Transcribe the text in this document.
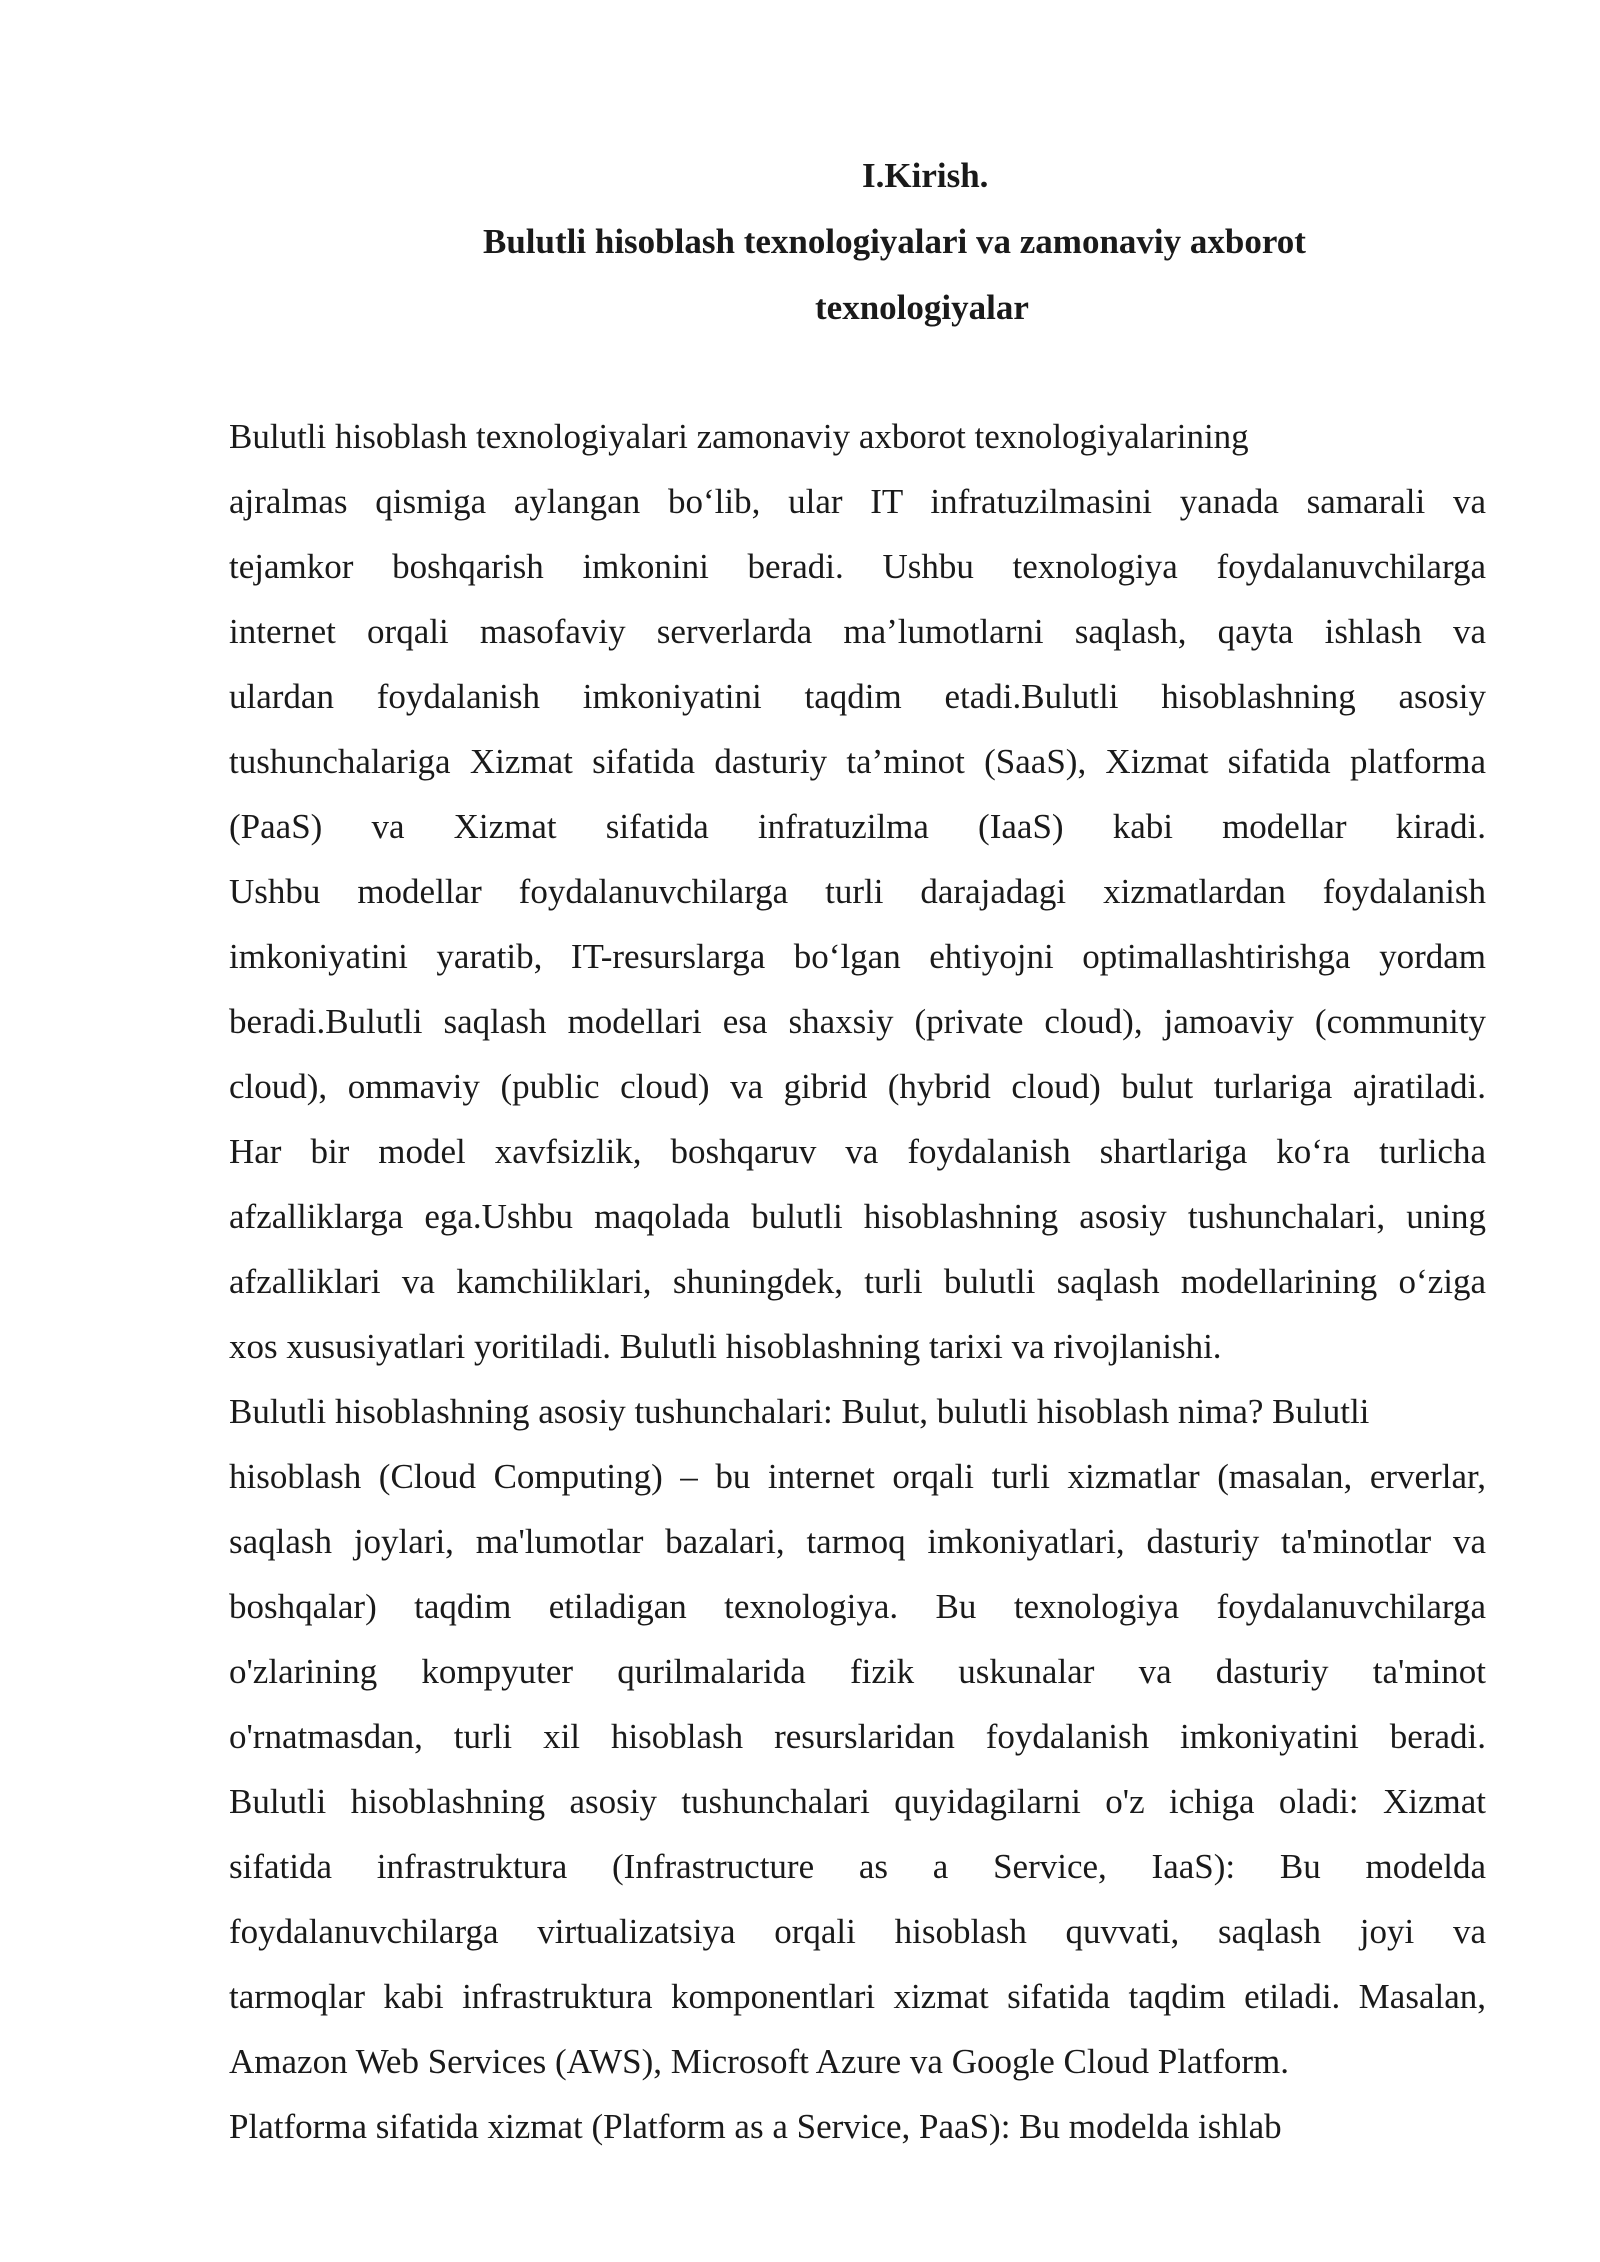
I.Kirish.
Bulutli hisoblash texnologiyalari va zamonaviy axborot
texnologiyalar
Bulutli hisoblash texnologiyalari zamonaviy axborot texnologiyalarining
ajralmas qismiga aylangan bo‘lib, ular IT infratuzilmasini yanada samarali va
tejamkor boshqarish imkonini beradi. Ushbu texnologiya foydalanuvchilarga
internet orqali masofaviy serverlarda ma’lumotlarni saqlash, qayta ishlash va
ulardan foydalanish imkoniyatini taqdim etadi.Bulutli hisoblashning asosiy
tushunchalariga Xizmat sifatida dasturiy ta’minot (SaaS), Xizmat sifatida platforma
(PaaS) va Xizmat sifatida infratuzilma (IaaS) kabi modellar kiradi.
Ushbu modellar foydalanuvchilarga turli darajadagi xizmatlardan foydalanish
imkoniyatini yaratib, IT-resurslarga bo‘lgan ehtiyojni optimallashtirishga yordam
beradi.Bulutli saqlash modellari esa shaxsiy (private cloud), jamoaviy (community
cloud), ommaviy (public cloud) va gibrid (hybrid cloud) bulut turlariga ajratiladi.
Har bir model xavfsizlik, boshqaruv va foydalanish shartlariga ko‘ra turlicha
afzalliklarga ega.Ushbu maqolada bulutli hisoblashning asosiy tushunchalari, uning
afzalliklari va kamchiliklari, shuningdek, turli bulutli saqlash modellarining o‘ziga
xos xususiyatlari yoritiladi. Bulutli hisoblashning tarixi va rivojlanishi.
Bulutli hisoblashning asosiy tushunchalari: Bulut, bulutli hisoblash nima? Bulutli
hisoblash (Cloud Computing) – bu internet orqali turli xizmatlar (masalan, erverlar,
saqlash joylari, ma'lumotlar bazalari, tarmoq imkoniyatlari, dasturiy ta'minotlar va
boshqalar) taqdim etiladigan texnologiya. Bu texnologiya foydalanuvchilarga
o'zlarining kompyuter qurilmalarida fizik uskunalar va dasturiy ta'minot
o'rnatmasdan, turli xil hisoblash resurslaridan foydalanish imkoniyatini beradi.
Bulutli hisoblashning asosiy tushunchalari quyidagilarni o'z ichiga oladi: Xizmat
sifatida infrastruktura (Infrastructure as a Service, IaaS): Bu modelda
foydalanuvchilarga virtualizatsiya orqali hisoblash quvvati, saqlash joyi va
tarmoqlar kabi infrastruktura komponentlari xizmat sifatida taqdim etiladi. Masalan,
Amazon Web Services (AWS), Microsoft Azure va Google Cloud Platform.
Platforma sifatida xizmat (Platform as a Service, PaaS): Bu modelda ishlab
